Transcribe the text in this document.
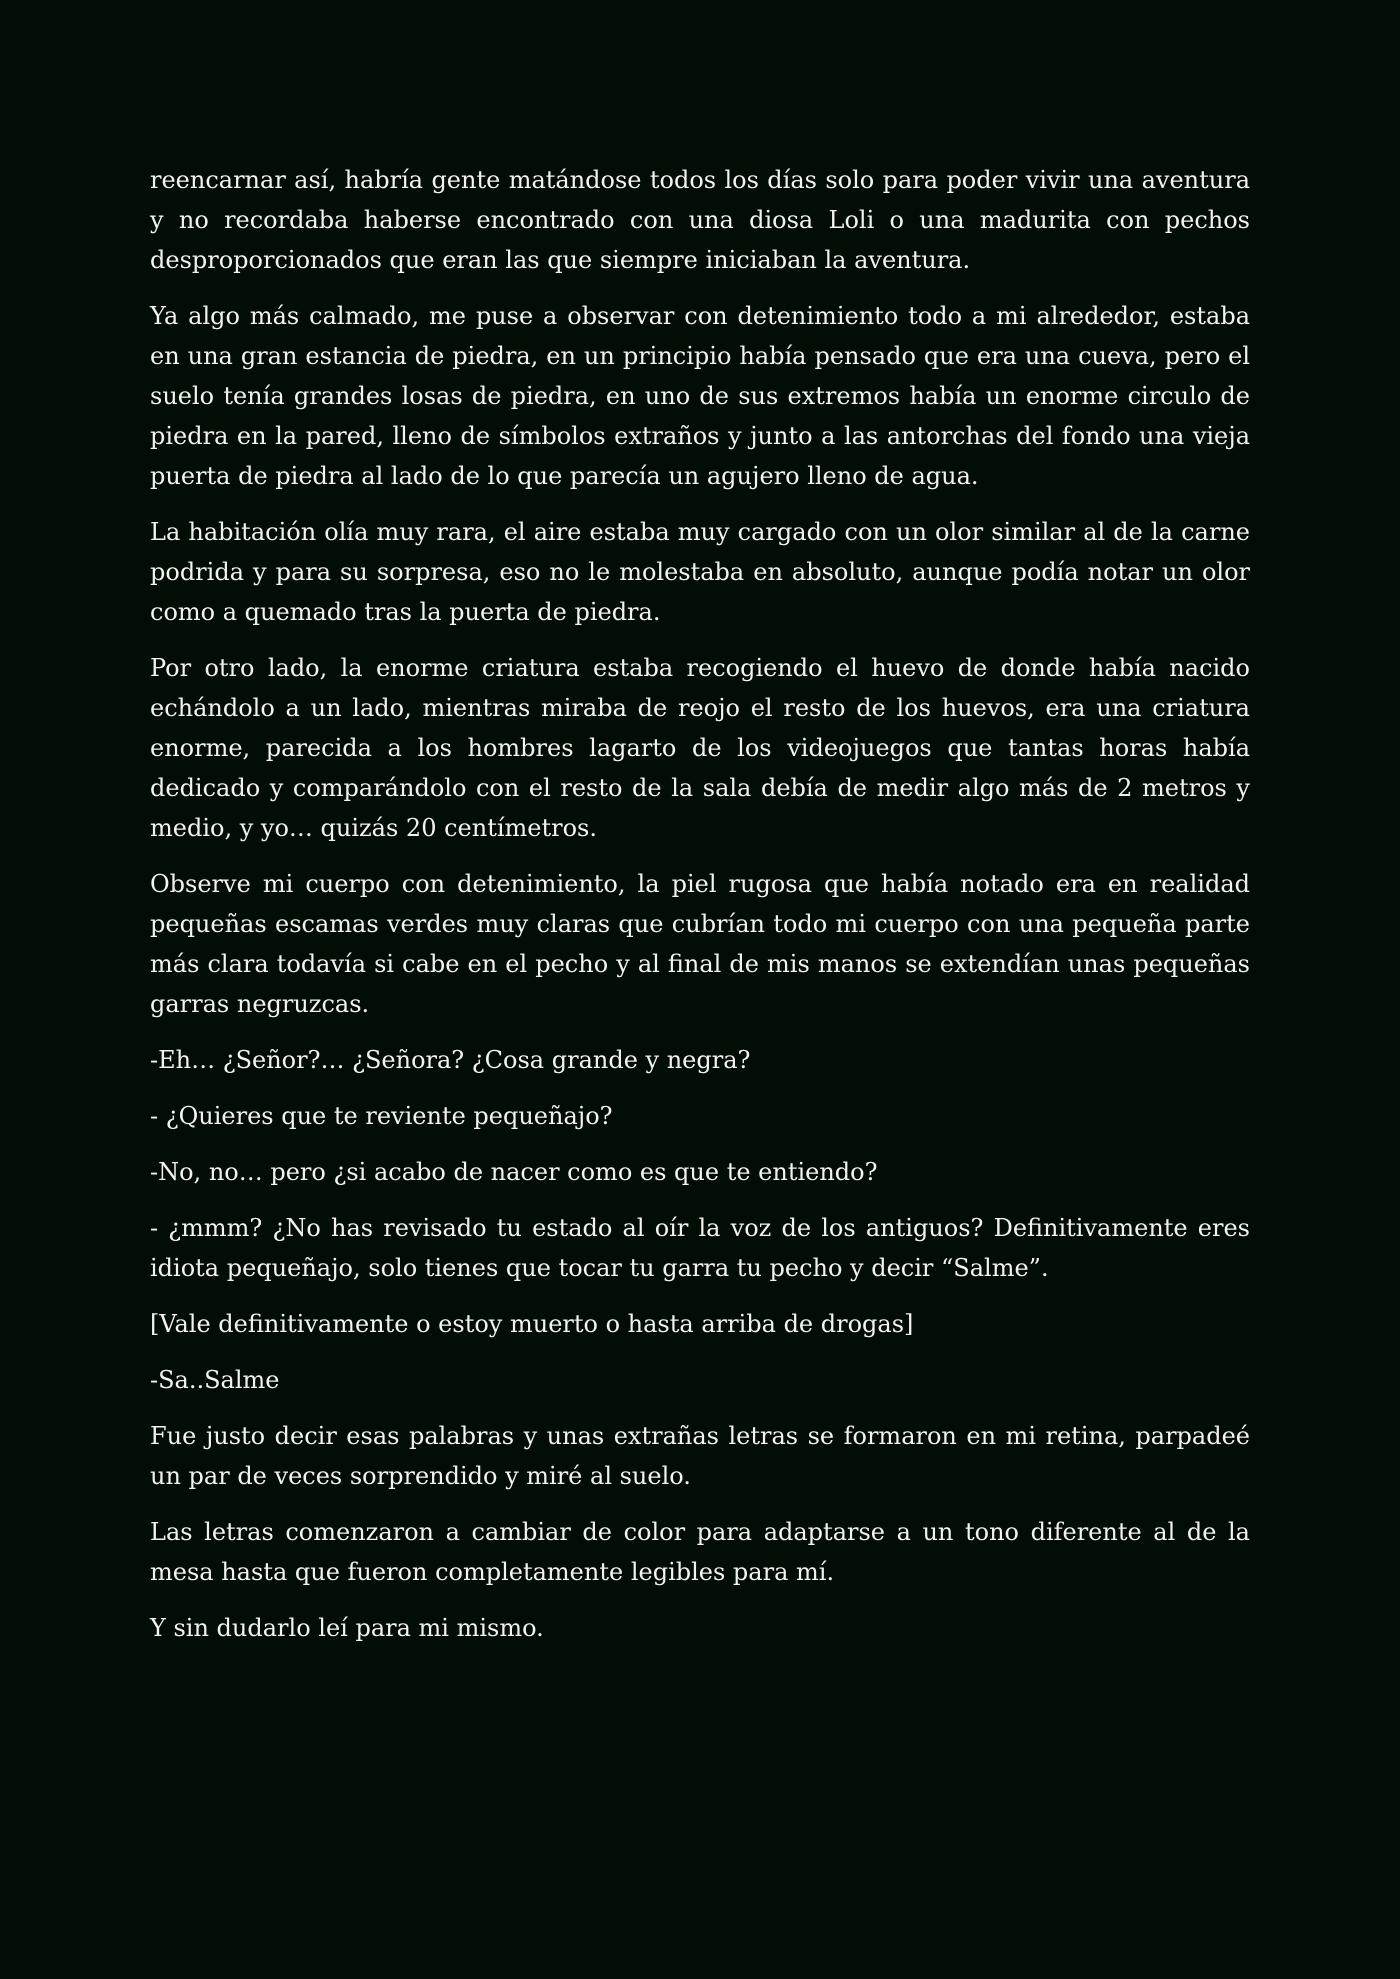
reencarnar así, habría gente matándose todos los días solo para poder vivir una aventura y no recordaba haberse encontrado con una diosa Loli o una madurita con pechos desproporcionados que eran las que siempre iniciaban la aventura.

Ya algo más calmado, me puse a observar con detenimiento todo a mi alrededor, estaba en una gran estancia de piedra, en un principio había pensado que era una cueva, pero el suelo tenía grandes losas de piedra, en uno de sus extremos había un enorme circulo de piedra en la pared, lleno de símbolos extraños y junto a las antorchas del fondo una vieja puerta de piedra al lado de lo que parecía un agujero lleno de agua.

La habitación olía muy rara, el aire estaba muy cargado con un olor similar al de la carne podrida y para su sorpresa, eso no le molestaba en absoluto, aunque podía notar un olor como a quemado tras la puerta de piedra.

Por otro lado, la enorme criatura estaba recogiendo el huevo de donde había nacido echándolo a un lado, mientras miraba de reojo el resto de los huevos, era una criatura enorme, parecida a los hombres lagarto de los videojuegos que tantas horas había dedicado y comparándolo con el resto de la sala debía de medir algo más de 2 metros y medio, y yo… quizás 20 centímetros.

Observe mi cuerpo con detenimiento, la piel rugosa que había notado era en realidad pequeñas escamas verdes muy claras que cubrían todo mi cuerpo con una pequeña parte más clara todavía si cabe en el pecho y al final de mis manos se extendían unas pequeñas garras negruzcas.

-Eh… ¿Señor?… ¿Señora? ¿Cosa grande y negra?

- ¿Quieres que te reviente pequeñajo?

-No, no… pero ¿si acabo de nacer como es que te entiendo?

- ¿mmm? ¿No has revisado tu estado al oír la voz de los antiguos? Definitivamente eres idiota pequeñajo, solo tienes que tocar tu garra tu pecho y decir “Salme”.

[Vale definitivamente o estoy muerto o hasta arriba de drogas]

-Sa..Salme

Fue justo decir esas palabras y unas extrañas letras se formaron en mi retina, parpadeé un par de veces sorprendido y miré al suelo.

Las letras comenzaron a cambiar de color para adaptarse a un tono diferente al de la mesa hasta que fueron completamente legibles para mí.

Y sin dudarlo leí para mi mismo.
